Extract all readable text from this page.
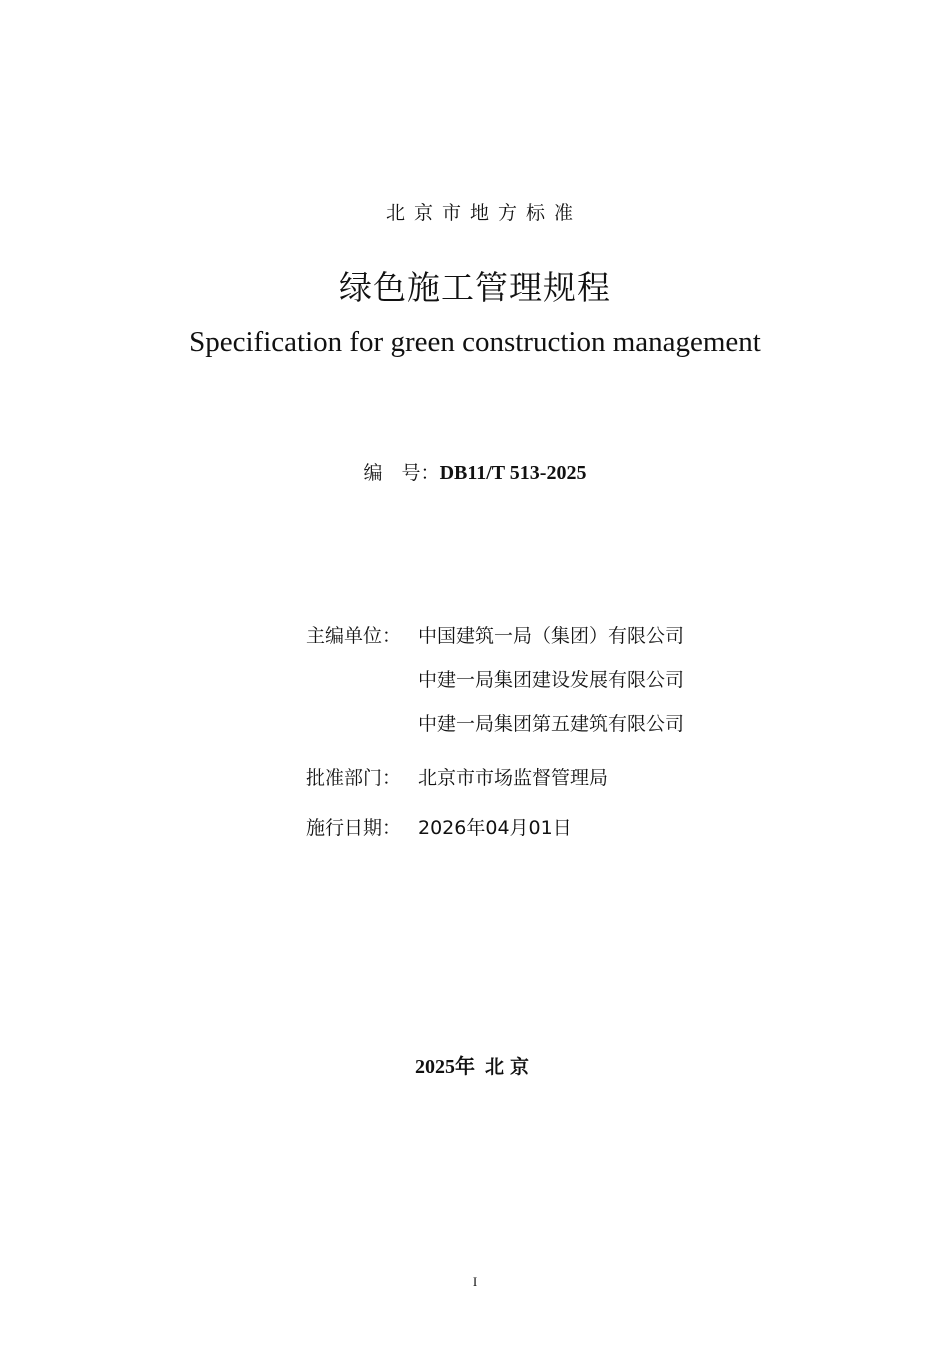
北京市地方标准
绿色施工管理规程
Specification for green construction management
编　号：DB11/T 513-2025
主编单位： 中国建筑一局（集团）有限公司
中建一局集团建设发展有限公司
中建一局集团第五建筑有限公司
批准部门： 北京市市场监督管理局
施行日期： 2026年04月01日
2025年 北京
I
